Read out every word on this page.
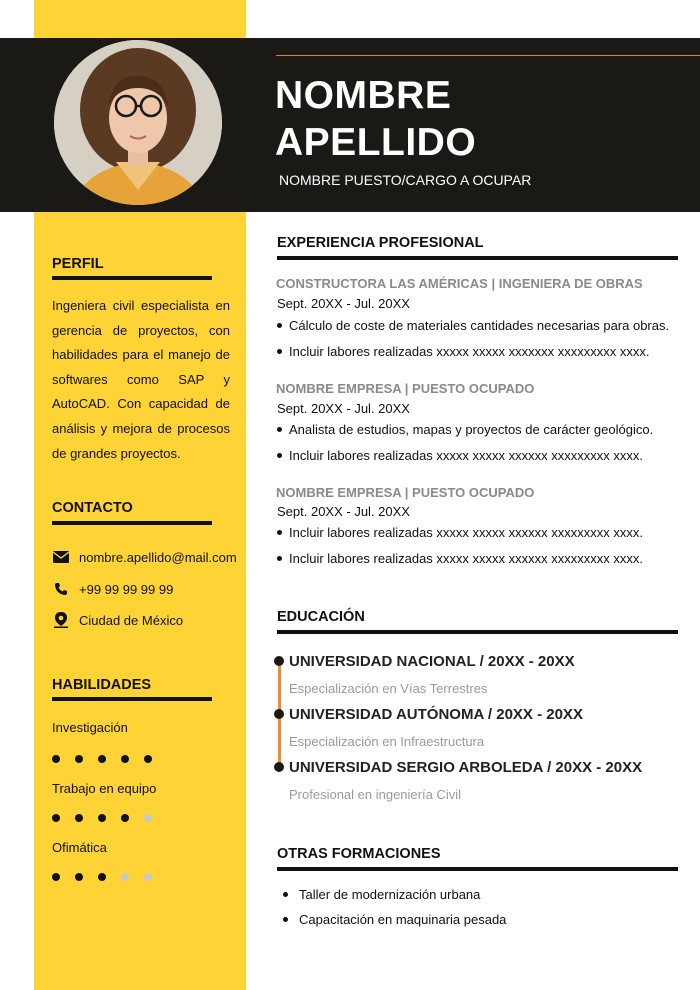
NOMBRE
APELLIDO
NOMBRE PUESTO/CARGO A OCUPAR
PERFIL
Ingeniera civil especialista en gerencia de proyectos, con habilidades para el manejo de softwares como SAP y AutoCAD. Con capacidad de análisis y mejora de procesos de grandes proyectos.
CONTACTO
nombre.apellido@mail.com
+99 99 99 99 99
Ciudad de México
HABILIDADES
Investigación
Trabajo en equipo
Ofimática
EXPERIENCIA PROFESIONAL
CONSTRUCTORA LAS AMÉRICAS | INGENIERA DE OBRAS
Sept. 20XX - Jul. 20XX
Cálculo de coste de materiales cantidades necesarias para obras.
Incluir labores realizadas xxxxx xxxxx xxxxxxx xxxxxxxxx xxxx.
NOMBRE EMPRESA | PUESTO OCUPADO
Sept. 20XX - Jul. 20XX
Analista de estudios, mapas y proyectos de carácter geológico.
Incluir labores realizadas xxxxx xxxxx xxxxxx xxxxxxxxx xxxx.
NOMBRE EMPRESA | PUESTO OCUPADO
Sept. 20XX - Jul. 20XX
Incluir labores realizadas xxxxx xxxxx xxxxxx xxxxxxxxx xxxx.
Incluir labores realizadas xxxxx xxxxx xxxxxx xxxxxxxxx xxxx.
EDUCACIÓN
UNIVERSIDAD NACIONAL / 20XX - 20XX
Especialización en Vías Terrestres
UNIVERSIDAD AUTÓNOMA / 20XX - 20XX
Especialización en Infraestructura
UNIVERSIDAD SERGIO ARBOLEDA / 20XX - 20XX
Profesional en ingeniería Civil
OTRAS FORMACIONES
Taller de modernización urbana
Capacitación en maquinaria pesada
